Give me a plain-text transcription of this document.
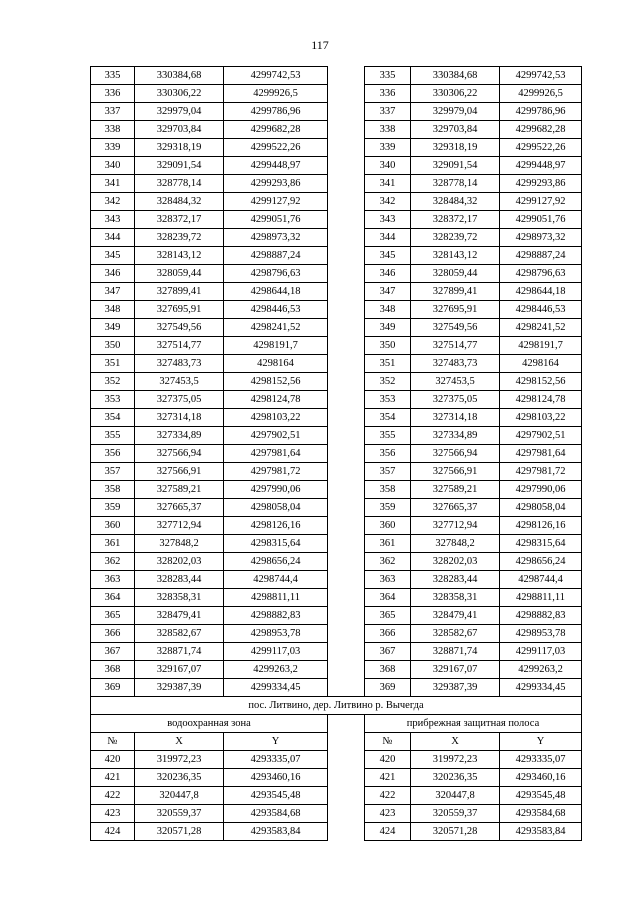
117
335	330384,68	4299742,53		335	330384,68	4299742,53
336	330306,22	4299926,5		336	330306,22	4299926,5
337	329979,04	4299786,96		337	329979,04	4299786,96
338	329703,84	4299682,28		338	329703,84	4299682,28
339	329318,19	4299522,26		339	329318,19	4299522,26
340	329091,54	4299448,97		340	329091,54	4299448,97
341	328778,14	4299293,86		341	328778,14	4299293,86
342	328484,32	4299127,92		342	328484,32	4299127,92
343	328372,17	4299051,76		343	328372,17	4299051,76
344	328239,72	4298973,32		344	328239,72	4298973,32
345	328143,12	4298887,24		345	328143,12	4298887,24
346	328059,44	4298796,63		346	328059,44	4298796,63
347	327899,41	4298644,18		347	327899,41	4298644,18
348	327695,91	4298446,53		348	327695,91	4298446,53
349	327549,56	4298241,52		349	327549,56	4298241,52
350	327514,77	4298191,7		350	327514,77	4298191,7
351	327483,73	4298164		351	327483,73	4298164
352	327453,5	4298152,56		352	327453,5	4298152,56
353	327375,05	4298124,78		353	327375,05	4298124,78
354	327314,18	4298103,22		354	327314,18	4298103,22
355	327334,89	4297902,51		355	327334,89	4297902,51
356	327566,94	4297981,64		356	327566,94	4297981,64
357	327566,91	4297981,72		357	327566,91	4297981,72
358	327589,21	4297990,06		358	327589,21	4297990,06
359	327665,37	4298058,04		359	327665,37	4298058,04
360	327712,94	4298126,16		360	327712,94	4298126,16
361	327848,2	4298315,64		361	327848,2	4298315,64
362	328202,03	4298656,24		362	328202,03	4298656,24
363	328283,44	4298744,4		363	328283,44	4298744,4
364	328358,31	4298811,11		364	328358,31	4298811,11
365	328479,41	4298882,83		365	328479,41	4298882,83
366	328582,67	4298953,78		366	328582,67	4298953,78
367	328871,74	4299117,03		367	328871,74	4299117,03
368	329167,07	4299263,2		368	329167,07	4299263,2
369	329387,39	4299334,45		369	329387,39	4299334,45
пос. Литвино, дер. Литвино р. Вычегда						
водоохранная зона				прибрежная защитная полоса		
№	X	Y		№	X	Y
420	319972,23	4293335,07		420	319972,23	4293335,07
421	320236,35	4293460,16		421	320236,35	4293460,16
422	320447,8	4293545,48		422	320447,8	4293545,48
423	320559,37	4293584,68		423	320559,37	4293584,68
424	320571,28	4293583,84		424	320571,28	4293583,84
